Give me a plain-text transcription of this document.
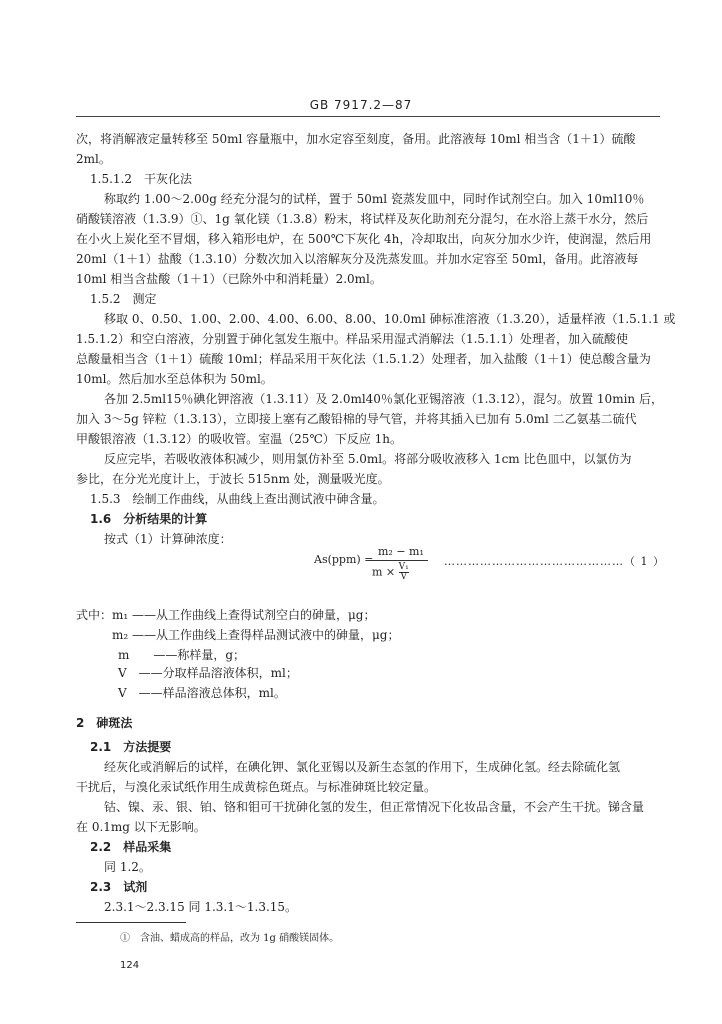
GB 7917.2—87
次，将消解液定量转移至 50ml 容量瓶中，加水定容至刻度，备用。此溶液每 10ml 相当含（1＋1）硫酸
2ml。
1.5.1.2　干灰化法
称取约 1.00～2.00g 经充分混匀的试样，置于 50ml 瓷蒸发皿中，同时作试剂空白。加入 10ml10％
硝酸镁溶液（1.3.9）①、1g 氧化镁（1.3.8）粉末，将试样及灰化助剂充分混匀，在水浴上蒸干水分，然后
在小火上炭化至不冒烟，移入箱形电炉，在 500℃下灰化 4h，冷却取出，向灰分加水少许，使润湿，然后用
20ml（1＋1）盐酸（1.3.10）分数次加入以溶解灰分及洗蒸发皿。并加水定容至 50ml，备用。此溶液每
10ml 相当含盐酸（1＋1）（已除外中和消耗量）2.0ml。
1.5.2　测定
移取 0、0.50、1.00、2.00、4.00、6.00、8.00、10.0ml 砷标准溶液（1.3.20），适量样液（1.5.1.1 或
1.5.1.2）和空白溶液，分别置于砷化氢发生瓶中。样品采用湿式消解法（1.5.1.1）处理者，加入硫酸使
总酸量相当含（1＋1）硫酸 10ml；样品采用干灰化法（1.5.1.2）处理者，加入盐酸（1＋1）使总酸含量为
10ml。然后加水至总体积为 50ml。
各加 2.5ml15％碘化钾溶液（1.3.11）及 2.0ml40％氯化亚锡溶液（1.3.12），混匀。放置 10min 后，
加入 3～5g 锌粒（1.3.13），立即接上塞有乙酸铅棉的导气管，并将其插入已加有 5.0ml 二乙氨基二硫代
甲酸银溶液（1.3.12）的吸收管。室温（25℃）下反应 1h。
反应完毕，若吸收液体积减少，则用氯仿补至 5.0ml。将部分吸收液移入 1cm 比色皿中，以氯仿为
参比，在分光光度计上，于波长 515nm 处，测量吸光度。
1.5.3　绘制工作曲线，从曲线上查出测试液中砷含量。
1.6　分析结果的计算
按式（1）计算砷浓度：
As(ppm) =
m₂ − m₁
$m \times \frac{\text{V₁}}{V}$
………………………………………（ 1 ）
式中： m₁ ——从工作曲线上查得试剂空白的砷量，μg；
m₂ ——从工作曲线上查得样品测试液中的砷量，μg；
m　　——称样量，g；
V　——分取样品溶液体积，ml；
V　——样品溶液总体积，ml。
2　砷斑法
2.1　方法提要
经灰化或消解后的试样，在碘化钾、氯化亚锡以及新生态氢的作用下，生成砷化氢。经去除硫化氢
干扰后，与溴化汞试纸作用生成黄棕色斑点。与标准砷斑比较定量。
钴、镍、汞、银、铂、铬和钼可干扰砷化氢的发生，但正常情况下化妆品含量，不会产生干扰。锑含量
在 0.1mg 以下无影响。
2.2　样品采集
同 1.2。
2.3　试剂
2.3.1～2.3.15 同 1.3.1～1.3.15。
①　含油、蜡成高的样品，改为 1g 硝酸镁固体。
124
